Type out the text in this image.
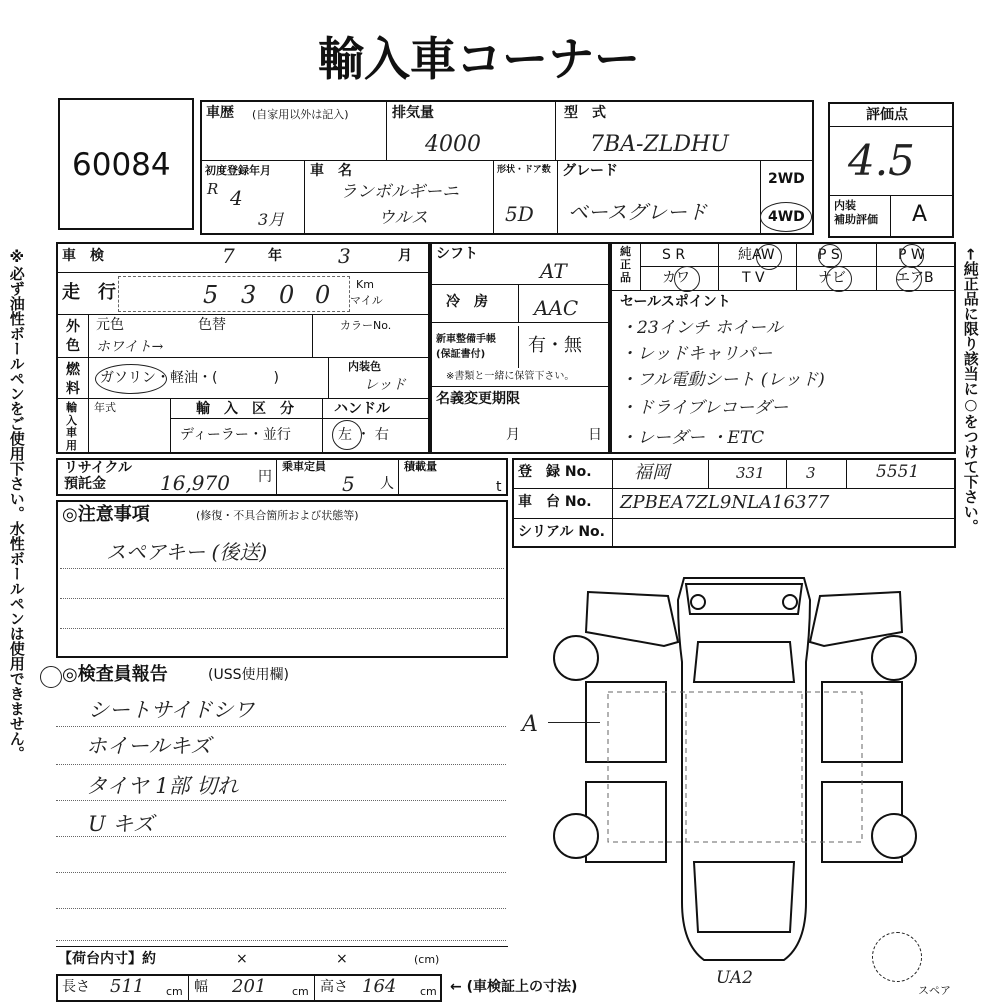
輸入車コーナー
※必ず油性ボールペンをご使用下さい。水性ボールペンは使用できません。	←純正品に限り該当に○をつけて下さい。
60084
車歴 (自家用以外は記入)	排気量
4000
型　式
7BA-ZLDHU
初度登録年月
R 4
3月
車　名
ランボルギーニ
ウルス
形状・ドア数
5D
グレード
ベースグレード
2WD
4WD
評価点
4.5
内装
補助評価 A
車　検	7 年	3	月
走　行	5 3 0 0 Km
マイル
外
色
元色	色替	カラーNo.
ホワイト→
燃
料
ガソリン・軽油・(　　　　)
内装色
レッド
輸
入
車
用
年式	輸　入　区　分
ディーラー・並行
ハンドル
左 ・ 右
シフト
AT
冷　房 AAC
新車整備手帳
(保証書付)	有・無
※書類と一緒に保管下さい。
名義変更期限
月	日
純
正
品
S R	純AW	P S	P W
カワ	T V	ナビ	エアB
セールスポイント
・23インチ ホイール
・レッドキャリパー
・フル電動シート (レッド)
・ドライブレコーダー
・レーダー ・ETC
リサイクル
預託金	16,970 円
乗車定員
5 人
積載量
t
登　録 No. 福岡	331	3	5551
車　台 No. ZPBEA7ZL9NLA16377
シリアル No.
◎注意事項	(修復・不具合箇所および状態等)
スペアキー (後送)
◎検査員報告	(USS使用欄)
シートサイドシワ
ホイールキズ
タイヤ 1部 切れ
U キズ
A
UA2
スペア
【荷台内寸】約	×	×	(cm)
長さ 511 cm 幅 201 cm 高さ 164 cm ← (車検証上の寸法)
